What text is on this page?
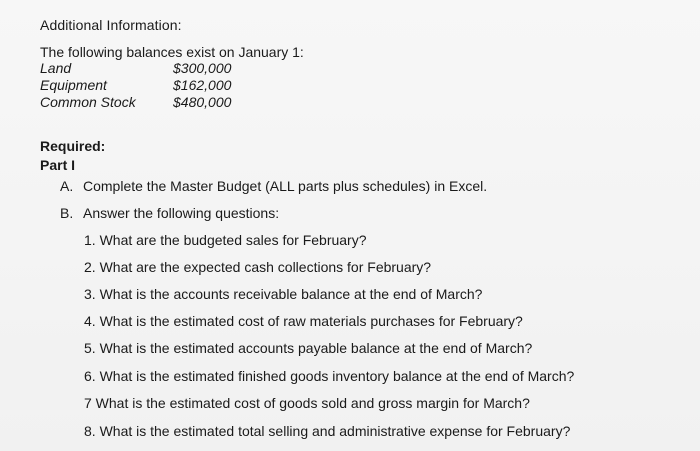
Additional Information:
The following balances exist on January 1:
Land	$300,000
Equipment	$162,000
Common Stock	$480,000
Required:
Part I
A. Complete the Master Budget (ALL parts plus schedules) in Excel.
B. Answer the following questions:
1. What are the budgeted sales for February?
2. What are the expected cash collections for February?
3. What is the accounts receivable balance at the end of March?
4. What is the estimated cost of raw materials purchases for February?
5. What is the estimated accounts payable balance at the end of March?
6. What is the estimated finished goods inventory balance at the end of March?
7 What is the estimated cost of goods sold and gross margin for March?
8. What is the estimated total selling and administrative expense for February?
